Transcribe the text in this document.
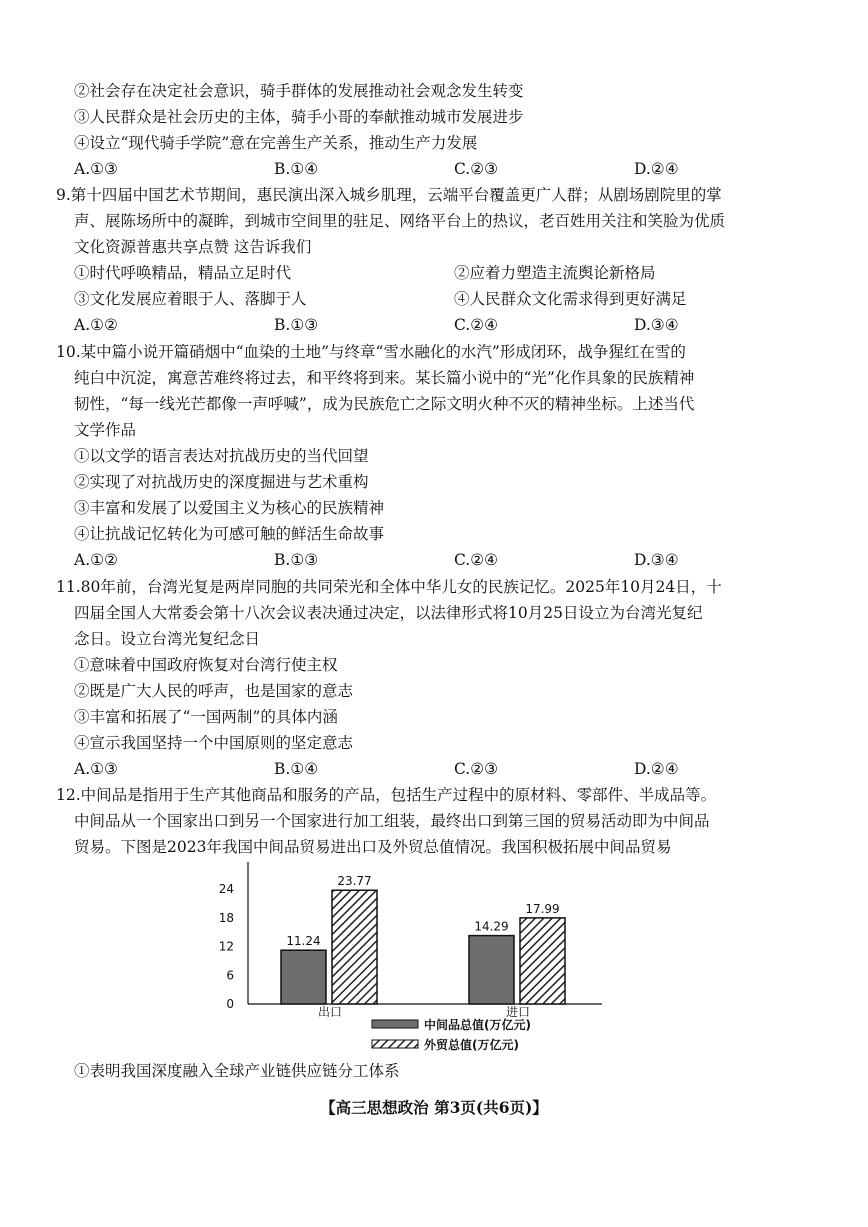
②社会存在决定社会意识，骑手群体的发展推动社会观念发生转变
③人民群众是社会历史的主体，骑手小哥的奉献推动城市发展进步
④设立“现代骑手学院”意在完善生产关系，推动生产力发展
A.①③	B.①④	C.②③	D.②④
9.第十四届中国艺术节期间，惠民演出深入城乡肌理，云端平台覆盖更广人群；从剧场剧院里的掌
声、展陈场所中的凝眸，到城市空间里的驻足、网络平台上的热议，老百姓用关注和笑脸为优质
文化资源普惠共享点赞 这告诉我们
①时代呼唤精品，精品立足时代	②应着力塑造主流舆论新格局
③文化发展应着眼于人、落脚于人	④人民群众文化需求得到更好满足
A.①②	B.①③	C.②④	D.③④
10.某中篇小说开篇硝烟中“血染的土地”与终章“雪水融化的水汽”形成闭环，战争猩红在雪的
纯白中沉淀，寓意苦难终将过去，和平终将到来。某长篇小说中的“光”化作具象的民族精神
韧性，“每一线光芒都像一声呼喊”，成为民族危亡之际文明火种不灭的精神坐标。上述当代
文学作品
①以文学的语言表达对抗战历史的当代回望
②实现了对抗战历史的深度掘进与艺术重构
③丰富和发展了以爱国主义为核心的民族精神
④让抗战记忆转化为可感可触的鲜活生命故事
A.①②	B.①③	C.②④	D.③④
11.80年前，台湾光复是两岸同胞的共同荣光和全体中华儿女的民族记忆。2025年10月24日，十
四届全国人大常委会第十八次会议表决通过决定，以法律形式将10月25日设立为台湾光复纪
念日。设立台湾光复纪念日
①意味着中国政府恢复对台湾行使主权
②既是广大人民的呼声，也是国家的意志
③丰富和拓展了“一国两制”的具体内涵
④宣示我国坚持一个中国原则的坚定意志
A.①③	B.①④	C.②③	D.②④
12.中间品是指用于生产其他商品和服务的产品，包括生产过程中的原材料、零部件、半成品等。
中间品从一个国家出口到另一个国家进行加工组装，最终出口到第三国的贸易活动即为中间品
贸易。下图是2023年我国中间品贸易进出口及外贸总值情况。我国积极拓展中间品贸易
24
18
12
6
0
11.24
23.77
出口
14.29
17.99
进口
中间品总值(万亿元)
外贸总值(万亿元)
①表明我国深度融入全球产业链供应链分工体系
【高三思想政治 第3页(共6页)】
